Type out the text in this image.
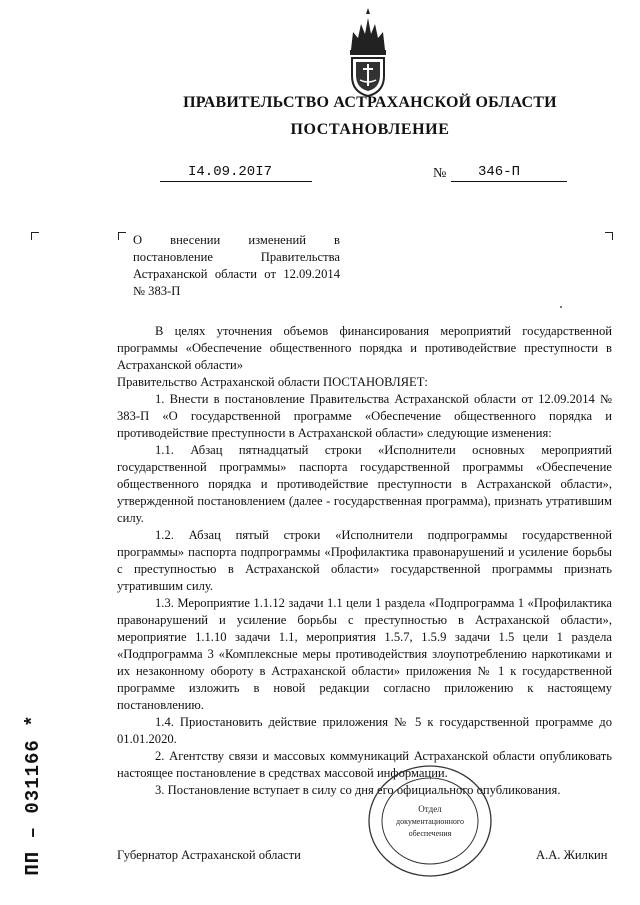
ПРАВИТЕЛЬСТВО АСТРАХАНСКОЙ ОБЛАСТИ
ПОСТАНОВЛЕНИЕ
I4.09.20I7	№ 346-П
О внесении изменений в постановление Правительства Астраханской области от 12.09.2014 № 383-П

В целях уточнения объемов финансирования мероприятий государственной программы «Обеспечение общественного порядка и противодействие преступности в Астраханской области»

Правительство Астраханской области ПОСТАНОВЛЯЕТ:

1. Внести в постановление Правительства Астраханской области от 12.09.2014 № 383-П «О государственной программе «Обеспечение общественного порядка и противодействие преступности в Астраханской области» следующие изменения:

1.1. Абзац пятнадцатый строки «Исполнители основных мероприятий государственной программы» паспорта государственной программы «Обеспечение общественного порядка и противодействие преступности в Астраханской области», утвержденной постановлением (далее - государственная программа), признать утратившим силу.

1.2. Абзац пятый строки «Исполнители подпрограммы государственной программы» паспорта подпрограммы «Профилактика правонарушений и усиление борьбы с преступностью в Астраханской области» государственной программы признать утратившим силу.

1.3. Мероприятие 1.1.12 задачи 1.1 цели 1 раздела «Подпрограмма 1 «Профилактика правонарушений и усиление борьбы с преступностью в Астраханской области», мероприятие 1.1.10 задачи 1.1, мероприятия 1.5.7, 1.5.9 задачи 1.5 цели 1 раздела «Подпрограмма 3 «Комплексные меры противодействия злоупотреблению наркотиками и их незаконному обороту в Астраханской области» приложения № 1 к государственной программе изложить в новой редакции согласно приложению к настоящему постановлению.

1.4. Приостановить действие приложения № 5 к государственной программе до 01.01.2020.

2. Агентству связи и массовых коммуникаций Астраханской области опубликовать настоящее постановление в средствах массовой информации.

3. Постановление вступает в силу со дня его официального опубликования.

Отдел
документационного
обеспечения
Губернатор Астраханской области	А.А. Жилкин
ПП – 031166 *
